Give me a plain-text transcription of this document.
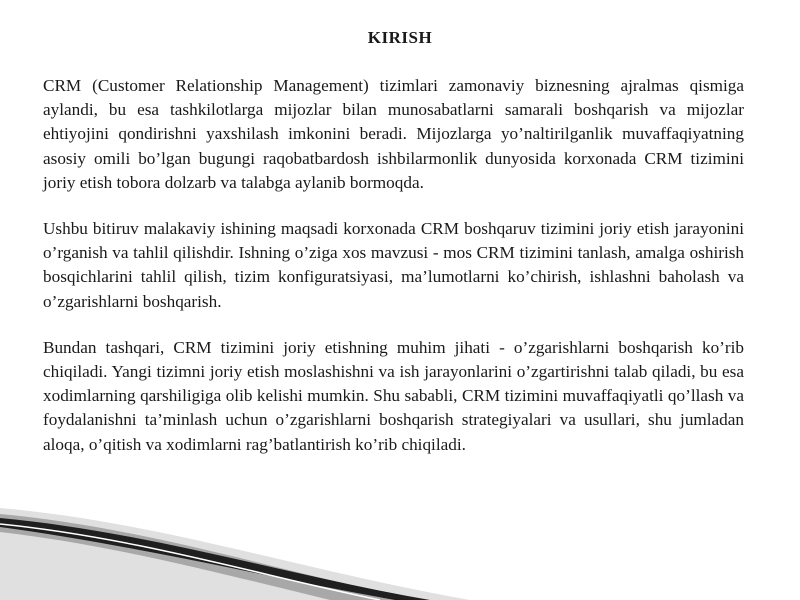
KIRISH

CRM (Customer Relationship Management) tizimlari zamonaviy biznesning ajralmas qismiga aylandi, bu esa tashkilotlarga mijozlar bilan munosabatlarni samarali boshqarish va mijozlar ehtiyojini qondirishni yaxshilash imkonini beradi. Mijozlarga yo’naltirilganlik muvaffaqiyatning asosiy omili bo’lgan bugungi raqobatbardosh ishbilarmonlik dunyosida korxonada CRM tizimini joriy etish tobora dolzarb va talabga aylanib bormoqda.

Ushbu bitiruv malakaviy ishining maqsadi korxonada CRM boshqaruv tizimini joriy etish jarayonini o’rganish va tahlil qilishdir. Ishning o’ziga xos mavzusi - mos CRM tizimini tanlash, amalga oshirish bosqichlarini tahlil qilish, tizim konfiguratsiyasi, ma’lumotlarni ko’chirish, ishlashni baholash va o’zgarishlarni boshqarish.

Bundan tashqari, CRM tizimini joriy etishning muhim jihati - o’zgarishlarni boshqarish ko’rib chiqiladi. Yangi tizimni joriy etish moslashishni va ish jarayonlarini o’zgartirishni talab qiladi, bu esa xodimlarning qarshiligiga olib kelishi mumkin. Shu sababli, CRM tizimini muvaffaqiyatli qo’llash va foydalanishni ta’minlash uchun o’zgarishlarni boshqarish strategiyalari va usullari, shu jumladan aloqa, o’qitish va xodimlarni rag’batlantirish ko’rib chiqiladi.
